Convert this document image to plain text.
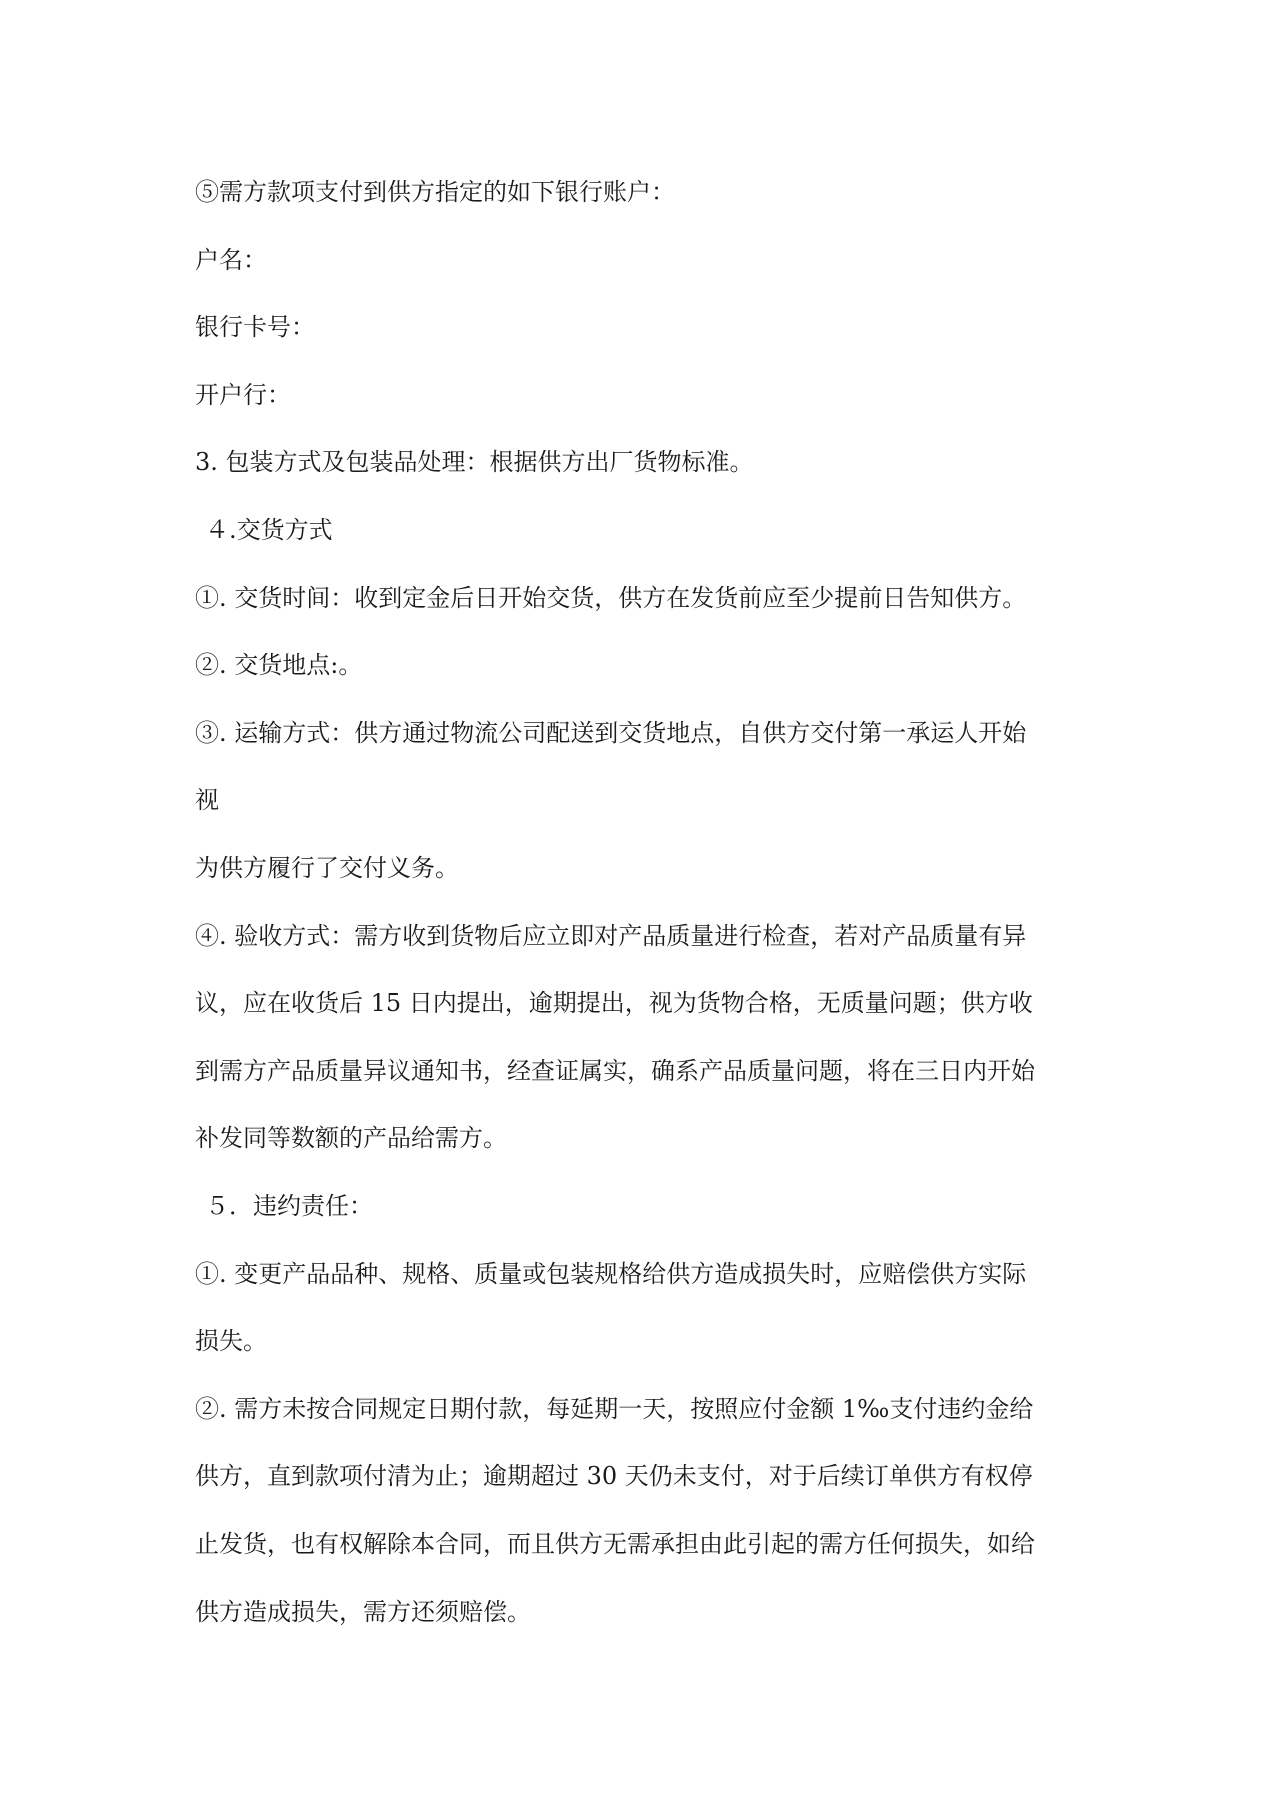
⑤需方款项支付到供方指定的如下银行账户：
户名：
银行卡号：
开户行：
3. 包装方式及包装品处理：根据供方出厂货物标准。
４.交货方式
①. 交货时间：收到定金后日开始交货，供方在发货前应至少提前日告知供方。
②. 交货地点:。
③. 运输方式：供方通过物流公司配送到交货地点，自供方交付第一承运人开始
视
为供方履行了交付义务。
④. 验收方式：需方收到货物后应立即对产品质量进行检查，若对产品质量有异
议，应在收货后 15 日内提出，逾期提出，视为货物合格，无质量问题；供方收
到需方产品质量异议通知书，经查证属实，确系产品质量问题，将在三日内开始
补发同等数额的产品给需方。
５．违约责任：
①. 变更产品品种、规格、质量或包装规格给供方造成损失时，应赔偿供方实际
损失。
②. 需方未按合同规定日期付款，每延期一天，按照应付金额 1‰支付违约金给
供方，直到款项付清为止；逾期超过 30 天仍未支付，对于后续订单供方有权停
止发货，也有权解除本合同，而且供方无需承担由此引起的需方任何损失，如给
供方造成损失，需方还须赔偿。
